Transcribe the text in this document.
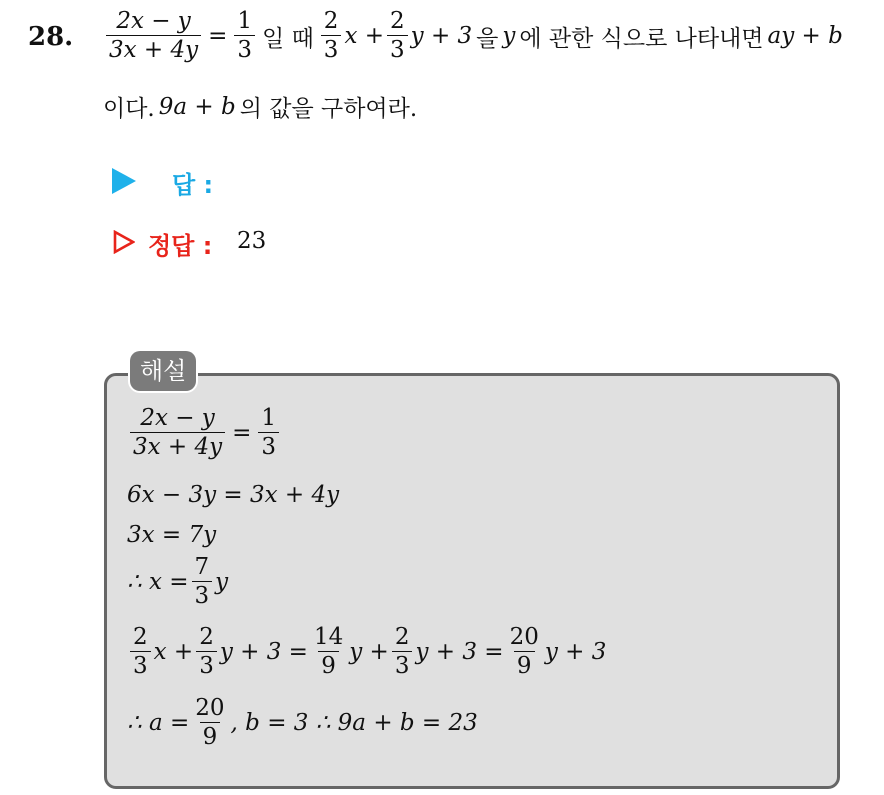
28. $\frac{2x - y}{3x + 4y} = \frac{1}{3}$ 일 때 $\frac{2}{3}$ $x + \frac{2}{3}$ y + 3 을 y 에 관한 식으로 나타내면 ay + b
이다. 9a + b 의 값을 구하여라.
답 :
정답 : 23
해설
$\frac{2x - y}{3x + 4y} = \frac{1}{3}$
6x − 3y = 3x + 4y
3x = 7y
∴ $x = \frac{7}{3}$ y
$\frac{2}{3}$ $x + \frac{2}{3}$ $y + 3 = \frac{14}{9}$ $y + \frac{2}{3}$ $y + 3 = \frac{20}{9}$ y + 3
∴ $a = \frac{20}{9}$ , b = 3 ∴ 9a + b = 23
